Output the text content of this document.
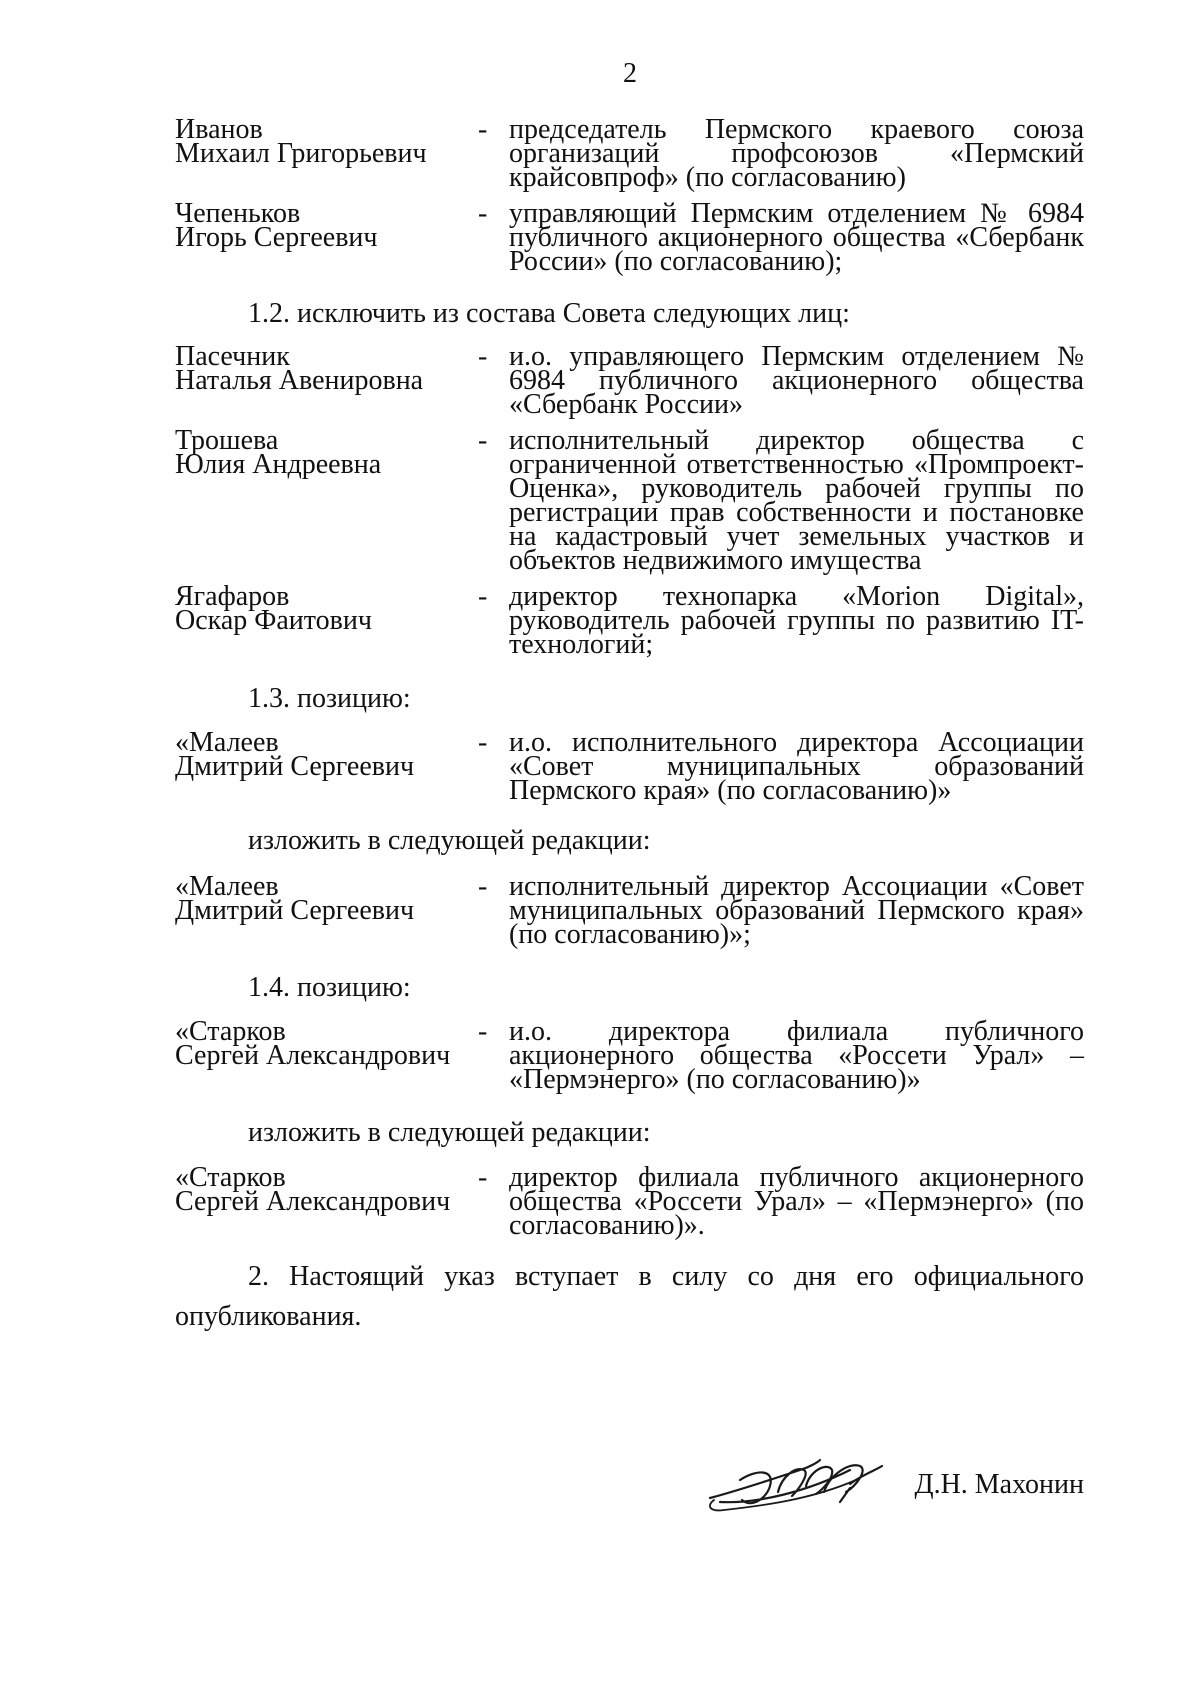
2
Иванов
Михаил Григорьевич
- председатель Пермского краевого союза организаций профсоюзов «Пермский крайсовпроф» (по согласованию)
Чепеньков
Игорь Сергеевич
- управляющий Пермским отделением № 6984 публичного акционерного общества «Сбербанк России» (по согласованию);
1.2. исключить из состава Совета следующих лиц:
Пасечник
Наталья Авенировна
- и.о. управляющего Пермским отделением № 6984 публичного акционерного общества «Сбербанк России»
Трошева
Юлия Андреевна
- исполнительный директор общества с ограниченной ответственностью «Промпроект-Оценка», руководитель рабочей группы по регистрации прав собственности и постановке на кадастровый учет земельных участков и объектов недвижимого имущества
Ягафаров
Оскар Фаитович
- директор технопарка «Morion Digital», руководитель рабочей группы по развитию IT-технологий;
1.3. позицию:
«Малеев
Дмитрий Сергеевич
- и.о. исполнительного директора Ассоциации «Совет муниципальных образований Пермского края» (по согласованию)»
изложить в следующей редакции:
«Малеев
Дмитрий Сергеевич
- исполнительный директор Ассоциации «Совет муниципальных образований Пермского края» (по согласованию)»;
1.4. позицию:
«Старков
Сергей Александрович
- и.о. директора филиала публичного акционерного общества «Россети Урал» – «Пермэнерго» (по согласованию)»
изложить в следующей редакции:
«Старков
Сергей Александрович
- директор филиала публичного акционерного общества «Россети Урал» – «Пермэнерго» (по согласованию)».
2. Настоящий указ вступает в силу со дня его официального опубликования.
Д.Н. Махонин
